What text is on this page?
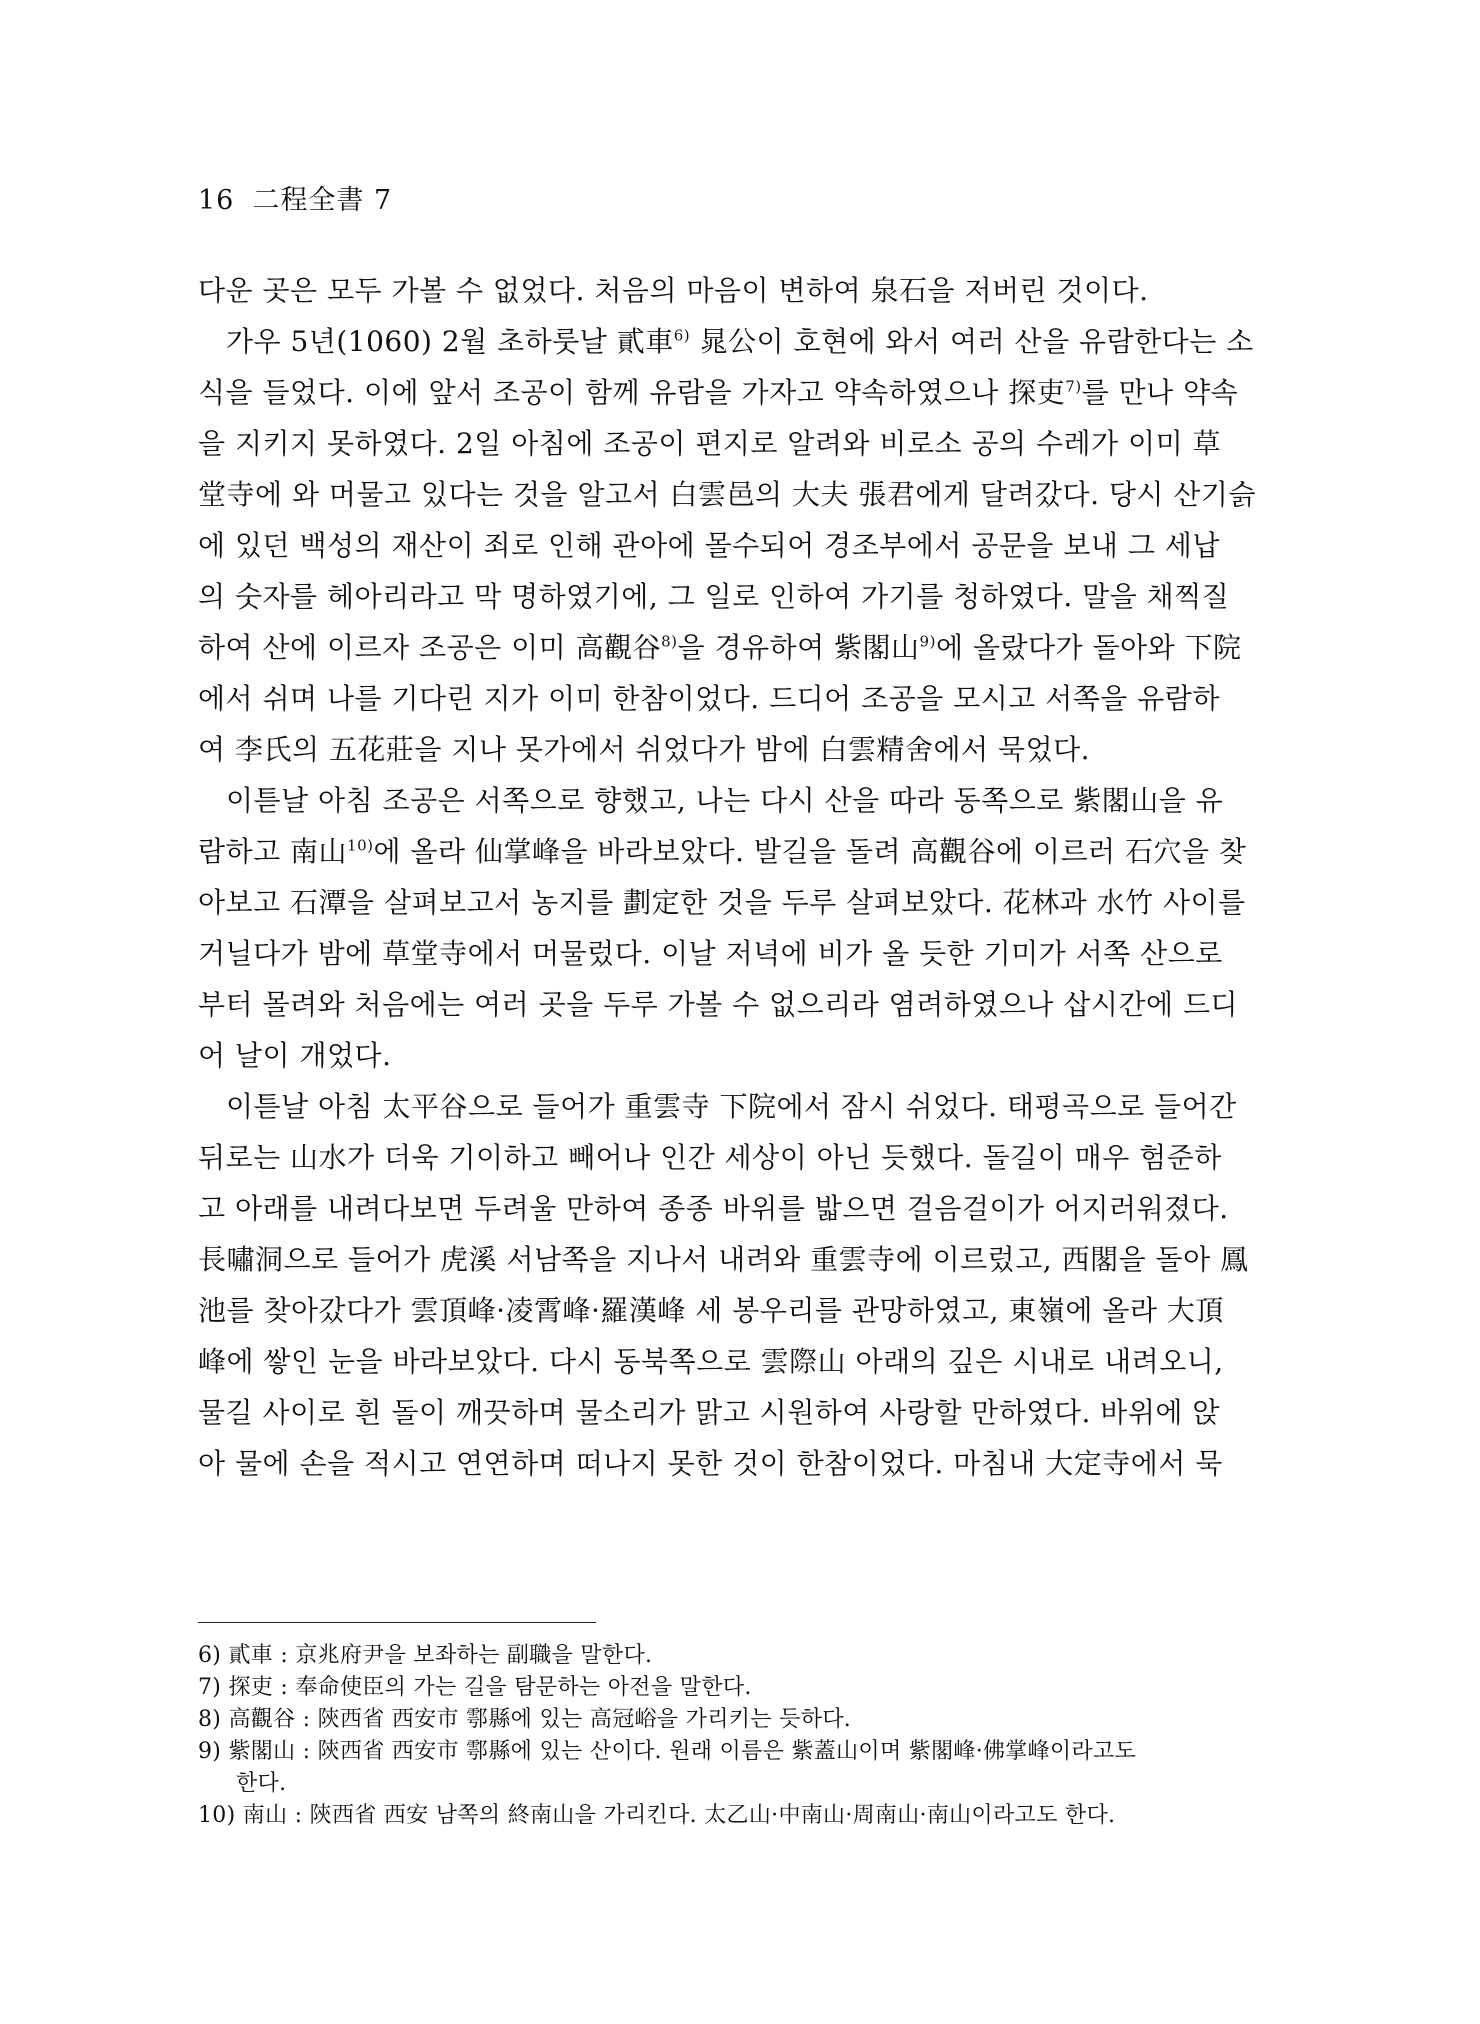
16 二程全書 7
다운 곳은 모두 가볼 수 없었다. 처음의 마음이 변하여 泉石을 저버린 것이다.
가우 5년(1060) 2월 초하룻날 貳車$^{6)}$ 晁公이 호현에 와서 여러 산을 유람한다는 소
식을 들었다. 이에 앞서 조공이 함께 유람을 가자고 약속하였으나 探吏$^{7)}$를 만나 약속
을 지키지 못하였다. 2일 아침에 조공이 편지로 알려와 비로소 공의 수레가 이미 草
堂寺에 와 머물고 있다는 것을 알고서 白雲邑의 大夫 張君에게 달려갔다. 당시 산기슭
에 있던 백성의 재산이 죄로 인해 관아에 몰수되어 경조부에서 공문을 보내 그 세납
의 숫자를 헤아리라고 막 명하였기에, 그 일로 인하여 가기를 청하였다. 말을 채찍질
하여 산에 이르자 조공은 이미 高觀谷$^{8)}$을 경유하여 紫閣山$^{9)}$에 올랐다가 돌아와 下院
에서 쉬며 나를 기다린 지가 이미 한참이었다. 드디어 조공을 모시고 서쪽을 유람하
여 李氏의 五花莊을 지나 못가에서 쉬었다가 밤에 白雲精舍에서 묵었다.
이튿날 아침 조공은 서쪽으로 향했고, 나는 다시 산을 따라 동쪽으로 紫閣山을 유
람하고 南山$^{10)}$에 올라 仙掌峰을 바라보았다. 발길을 돌려 高觀谷에 이르러 石穴을 찾
아보고 石潭을 살펴보고서 농지를 劃定한 것을 두루 살펴보았다. 花林과 水竹 사이를
거닐다가 밤에 草堂寺에서 머물렀다. 이날 저녁에 비가 올 듯한 기미가 서쪽 산으로
부터 몰려와 처음에는 여러 곳을 두루 가볼 수 없으리라 염려하였으나 삽시간에 드디
어 날이 개었다.
이튿날 아침 太平谷으로 들어가 重雲寺 下院에서 잠시 쉬었다. 태평곡으로 들어간
뒤로는 山水가 더욱 기이하고 빼어나 인간 세상이 아닌 듯했다. 돌길이 매우 험준하
고 아래를 내려다보면 두려울 만하여 종종 바위를 밟으면 걸음걸이가 어지러워졌다.
長嘯洞으로 들어가 虎溪 서남쪽을 지나서 내려와 重雲寺에 이르렀고, 西閣을 돌아 鳳
池를 찾아갔다가 雲頂峰·凌霄峰·羅漢峰 세 봉우리를 관망하였고, 東嶺에 올라 大頂
峰에 쌓인 눈을 바라보았다. 다시 동북쪽으로 雲際山 아래의 깊은 시내로 내려오니,
물길 사이로 흰 돌이 깨끗하며 물소리가 맑고 시원하여 사랑할 만하였다. 바위에 앉
아 물에 손을 적시고 연연하며 떠나지 못한 것이 한참이었다. 마침내 大定寺에서 묵
6) 貳車 : 京兆府尹을 보좌하는 副職을 말한다.
7) 探吏 : 奉命使臣의 가는 길을 탐문하는 아전을 말한다.
8) 高觀谷 : 陝西省 西安市 鄠縣에 있는 高冠峪을 가리키는 듯하다.
9) 紫閣山 : 陝西省 西安市 鄠縣에 있는 산이다. 원래 이름은 紫蓋山이며 紫閣峰·佛掌峰이라고도
한다.
10) 南山 : 陝西省 西安 남쪽의 終南山을 가리킨다. 太乙山·中南山·周南山·南山이라고도 한다.
